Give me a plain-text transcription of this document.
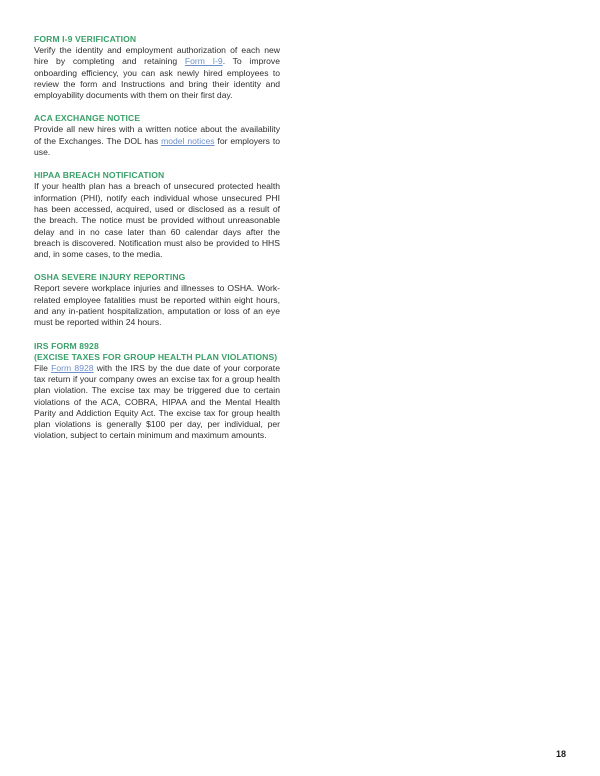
FORM I-9 VERIFICATION

Verify the identity and employment authorization of each new hire by completing and retaining Form I-9. To improve onboarding efficiency, you can ask newly hired employees to review the form and Instructions and bring their identity and employability documents with them on their first day.

ACA EXCHANGE NOTICE

Provide all new hires with a written notice about the availability of the Exchanges. The DOL has model notices for employers to use.

HIPAA BREACH NOTIFICATION

If your health plan has a breach of unsecured protected health information (PHI), notify each individual whose unsecured PHI has been accessed, acquired, used or disclosed as a result of the breach. The notice must be provided without unreasonable delay and in no case later than 60 calendar days after the breach is discovered. Notification must also be provided to HHS and, in some cases, to the media.

OSHA SEVERE INJURY REPORTING

Report severe workplace injuries and illnesses to OSHA. Work-related employee fatalities must be reported within eight hours, and any in-patient hospitalization, amputation or loss of an eye must be reported within 24 hours.

IRS FORM 8928

(EXCISE TAXES FOR GROUP HEALTH PLAN VIOLATIONS)

File Form 8928 with the IRS by the due date of your corporate tax return if your company owes an excise tax for a group health plan violation. The excise tax may be triggered due to certain violations of the ACA, COBRA, HIPAA and the Mental Health Parity and Addiction Equity Act. The excise tax for group health plan violations is generally $100 per day, per individual, per violation, subject to certain minimum and maximum amounts.

18
